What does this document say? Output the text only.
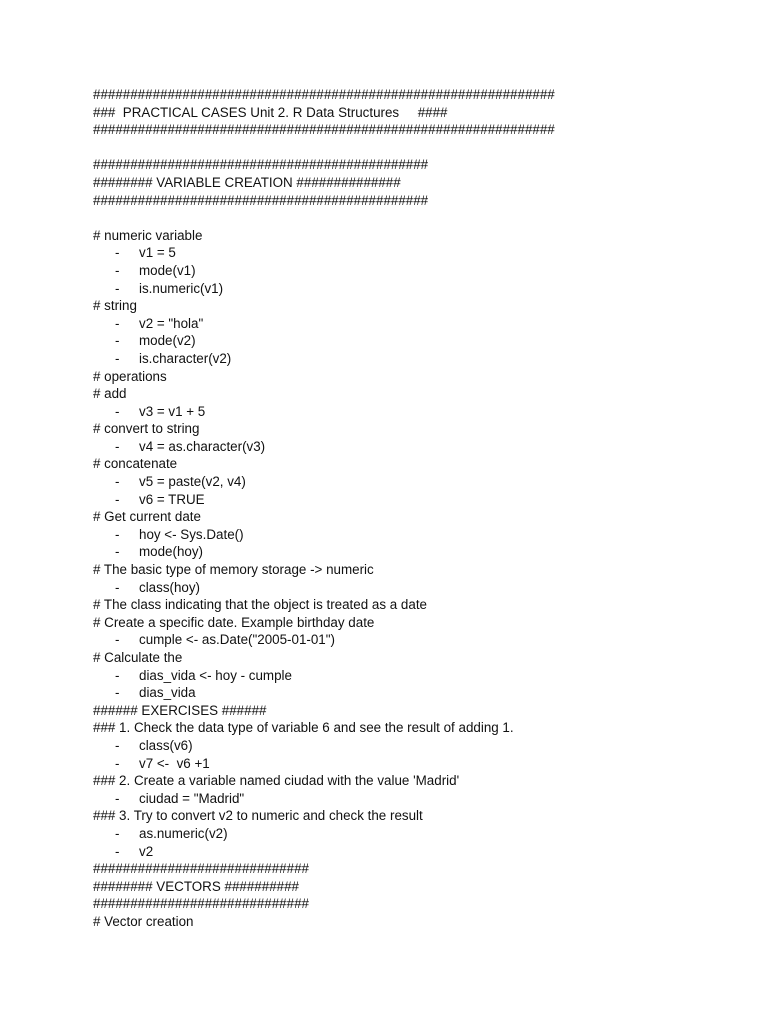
##############################################################
###  PRACTICAL CASES Unit 2. R Data Structures     ####
##############################################################
#############################################
######## VARIABLE CREATION ##############
#############################################
# numeric variable
- v1 = 5
- mode(v1)
- is.numeric(v1)
# string
- v2 = "hola"
- mode(v2)
- is.character(v2)
# operations
# add
- v3 = v1 + 5
# convert to string
- v4 = as.character(v3)
# concatenate
- v5 = paste(v2, v4)
- v6 = TRUE
# Get current date
- hoy <- Sys.Date()
- mode(hoy)
# The basic type of memory storage -> numeric
- class(hoy)
# The class indicating that the object is treated as a date
# Create a specific date. Example birthday date
- cumple <- as.Date("2005-01-01")
# Calculate the
- dias_vida <- hoy - cumple
- dias_vida
###### EXERCISES ######
### 1. Check the data type of variable 6 and see the result of adding 1.
- class(v6)
- v7 <-  v6 +1
### 2. Create a variable named ciudad with the value 'Madrid'
- ciudad = "Madrid"
### 3. Try to convert v2 to numeric and check the result
- as.numeric(v2)
- v2
#############################
######## VECTORS ##########
#############################
# Vector creation
